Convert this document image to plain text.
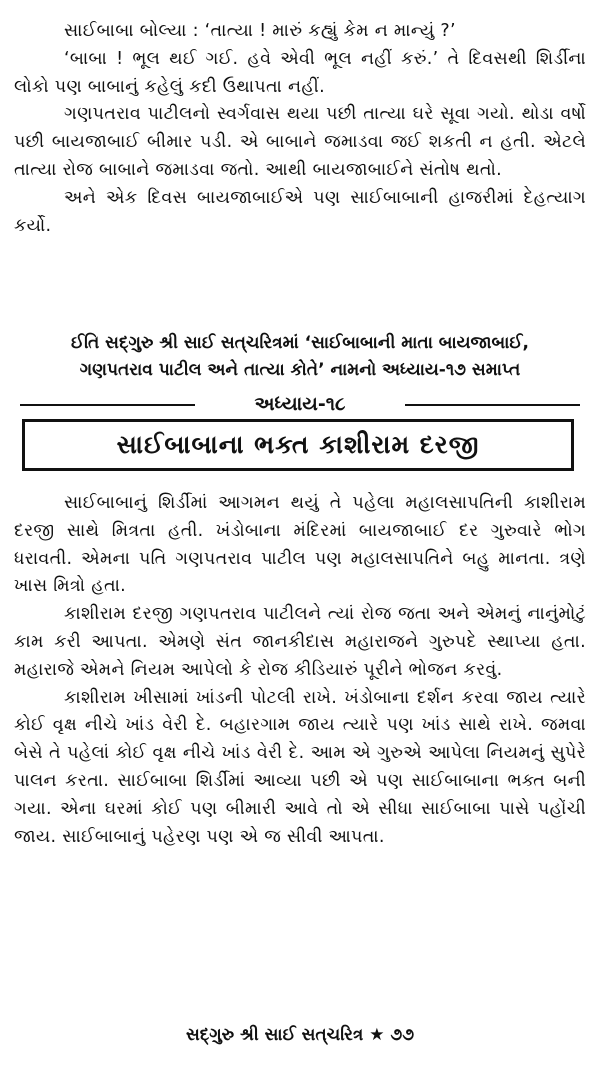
સાઈબાબા બોલ્યા : ‘તાત્યા ! મારું કહ્યું કેમ ન માન્યું ?’

‘બાબા ! ભૂલ થઈ ગઈ. હવે એવી ભૂલ નહીં કરું.’ તે દિવસથી શિર્ડીના લોકો પણ બાબાનું કહેલું કદી ઉથાપતા નહીં.

ગણપતરાવ પાટીલનો સ્વર્ગવાસ થયા પછી તાત્યા ઘરે સૂવા ગયો. થોડા વર્ષો પછી બાયજાબાઈ બીમાર પડી. એ બાબાને જમાડવા જઈ શકતી ન હતી. એટલે તાત્યા રોજ બાબાને જમાડવા જતો. આથી બાયજાબાઈને સંતોષ થતો.

અને એક દિવસ બાયજાબાઈએ પણ સાઈબાબાની હાજરીમાં દેહત્યાગ કર્યો.

ઈતિ સદ્‌ગુરુ શ્રી સાઈ સત્‌ચરિત્રમાં ‘સાઈબાબાની માતા બાયજાબાઈ,
ગણપતરાવ પાટીલ અને તાત્યા કોતે’ નામનો અધ્યાય-૧૭ સમાપ્ત
અધ્યાય-૧૮
સાઈબાબાના ભક્ત કાશીરામ દરજી

સાઈબાબાનું શિર્ડીમાં આગમન થયું તે પહેલા મહાલસાપતિની કાશીરામ દરજી સાથે મિત્રતા હતી. ખંડોબાના મંદિરમાં બાયજાબાઈ દર ગુરુવારે ભોગ ધરાવતી. એમના પતિ ગણપતરાવ પાટીલ પણ મહાલસાપતિને બહુ માનતા. ત્રણે ખાસ મિત્રો હતા.

કાશીરામ દરજી ગણપતરાવ પાટીલને ત્યાં રોજ જતા અને એમનું નાનુંમોટું કામ કરી આપતા. એમણે સંત જાનકીદાસ મહારાજને ગુરુપદે સ્થાપ્યા હતા. મહારાજે એમને નિયમ આપેલો કે રોજ કીડિયારું પૂરીને ભોજન કરવું.

કાશીરામ ખીસામાં ખાંડની પોટલી રાખે. ખંડોબાના દર્શન કરવા જાય ત્યારે કોઈ વૃક્ષ નીચે ખાંડ વેરી દે. બહારગામ જાય ત્યારે પણ ખાંડ સાથે રાખે. જમવા બેસે તે પહેલાં કોઈ વૃક્ષ નીચે ખાંડ વેરી દે. આમ એ ગુરુએ આપેલા નિયમનું સુપેરે પાલન કરતા. સાઈબાબા શિર્ડીમાં આવ્યા પછી એ પણ સાઈબાબાના ભક્ત બની ગયા. એના ઘરમાં કોઈ પણ બીમારી આવે તો એ સીધા સાઈબાબા પાસે પહોંચી જાય. સાઈબાબાનું પહેરણ પણ એ જ સીવી આપતા.

સદ્‌ગુરુ શ્રી સાઈ સત્‌ચરિત્ર ★ ૭૭
